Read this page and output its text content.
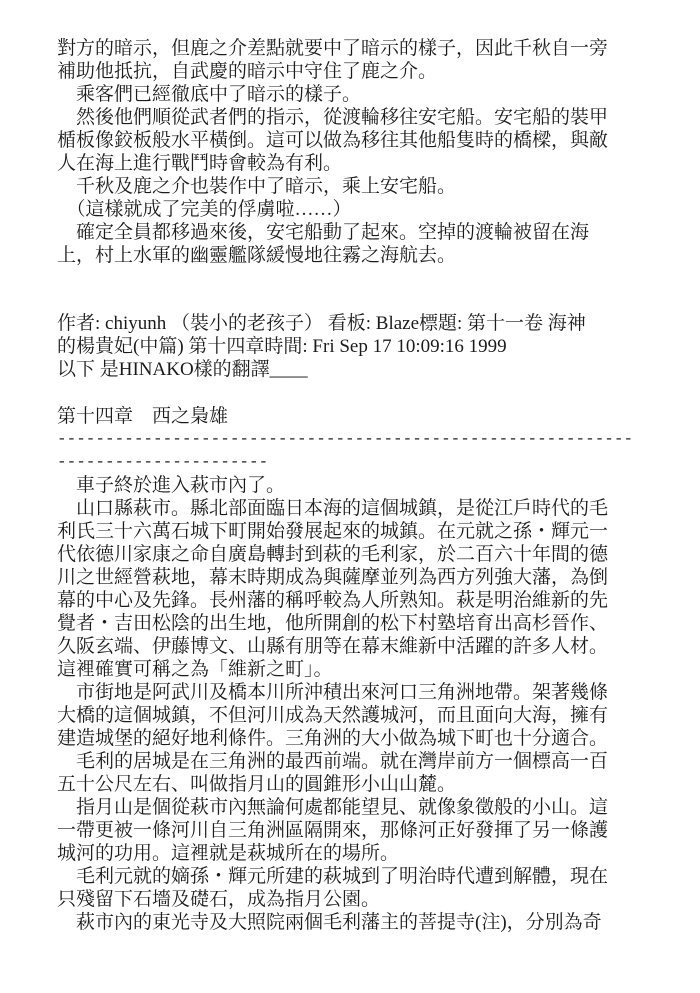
對方的暗示，但鹿之介差點就要中了暗示的樣子，因此千秋自一旁
補助他抵抗，自武慶的暗示中守住了鹿之介。
　乘客們已經徹底中了暗示的樣子。
　然後他們順從武者們的指示，從渡輪移往安宅船。安宅船的裝甲
楯板像鉸板般水平橫倒。這可以做為移往其他船隻時的橋樑，與敵
人在海上進行戰鬥時會較為有利。
　千秋及鹿之介也裝作中了暗示，乘上安宅船。
　（這樣就成了完美的俘虜啦……）
　確定全員都移過來後，安宅船動了起來。空掉的渡輪被留在海
上，村上水軍的幽靈艦隊緩慢地往霧之海航去。
作者: chiyunh （裝小的老孩子） 看板: Blaze標題: 第十一卷 海神
的楊貴妃(中篇) 第十四章時間: Fri Sep 17 10:09:16 1999
以下 是HINAKO樣的翻譯____
第十四章　西之梟雄
------------------------------------------------------------
----------------------
　車子終於進入萩市內了。
　山口縣萩市。縣北部面臨日本海的這個城鎮，是從江戶時代的毛
利氏三十六萬石城下町開始發展起來的城鎮。在元就之孫・輝元一
代依德川家康之命自廣島轉封到萩的毛利家，於二百六十年間的德
川之世經營萩地，幕末時期成為與薩摩並列為西方列強大藩，為倒
幕的中心及先鋒。長州藩的稱呼較為人所熟知。萩是明治維新的先
覺者・吉田松陰的出生地，他所開創的松下村塾培育出高杉晉作、
久阪玄端、伊藤博文、山縣有朋等在幕末維新中活躍的許多人材。
這裡確實可稱之為「維新之町」。
　市街地是阿武川及橋本川所沖積出來河口三角洲地帶。架著幾條
大橋的這個城鎮，不但河川成為天然護城河，而且面向大海，擁有
建造城堡的絕好地利條件。三角洲的大小做為城下町也十分適合。
　毛利的居城是在三角洲的最西前端。就在灣岸前方一個標高一百
五十公尺左右、叫做指月山的圓錐形小山山麓。
　指月山是個從萩市內無論何處都能望見、就像象徵般的小山。這
一帶更被一條河川自三角洲區隔開來，那條河正好發揮了另一條護
城河的功用。這裡就是萩城所在的場所。
　毛利元就的嫡孫・輝元所建的萩城到了明治時代遭到解體，現在
只殘留下石墻及礎石，成為指月公園。
　萩市內的東光寺及大照院兩個毛利藩主的菩提寺(注)，分別為奇
